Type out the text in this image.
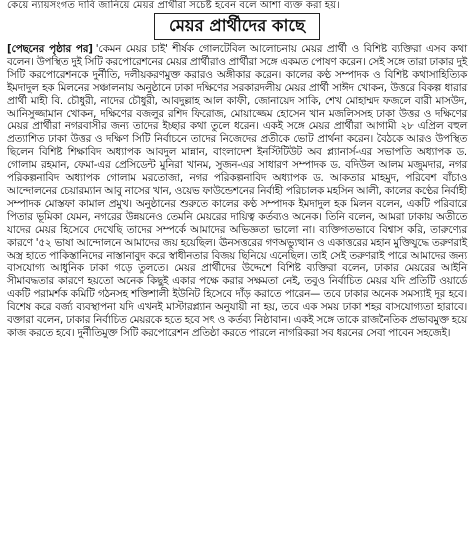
কেয়ে ন্যায়সংগত দাবি জানিয়ে মেয়র প্রার্থীরা সচেষ্ট হবেন বলে আশা ব্যক্ত করা হয়।
মেয়র প্রার্থীদের কাছে

[পেছনের পৃষ্ঠার পর] 'কেমন মেয়র চাই' শীর্ষক গোলটেবিল আলোচনায় মেয়র প্রার্থী ও বিশিষ্ট ব্যক্তিরা এসব কথা বলেন। উপস্থিত দুই সিটি করপোরেশনের মেয়র প্রার্থীরাও প্রার্থীরা সঙ্গে একমত পোষণ করেন। সেই সঙ্গে তারা ঢাকার দুই সিটি করপোরেশনকে দুর্নীতি, দলীয়করণমুক্ত করারও অঙ্গীকার করেন। কালের কণ্ঠ সম্পাদক ও বিশিষ্ট কথাসাহিত্যিক ইমদাদুল হক মিলনের সঞ্চালনায় অনুষ্ঠানে ঢাকা দক্ষিণের সরকারদলীয় মেয়র প্রার্থী সাঈদ খোকন, উত্তরে বিকল্প ধারার প্রার্থী মাহী বি. চৌধুরী, নাদের চৌধুরী, আবদুল্লাহ আল কাফী, জোনায়েদ সাকি, শেখ মোহাম্মদ ফজলে বারী মাসউদ, আনিসুজ্জামান খোকন, দক্ষিণের বজলুর রশিদ ফিরোজ, মোয়াজ্জেম হোসেন খান মজলিসসহ ঢাকা উত্তর ও দক্ষিণের মেয়র প্রার্থীরা নগরবাসীর জন্য তাদের ইচ্ছার কথা তুলে ধরেন। একই সঙ্গে মেয়র প্রার্থীরা আগামী ২৮ এপ্রিল বহুল প্রত্যাশিত ঢাকা উত্তর ও দক্ষিণ সিটি নির্বাচনে তাদের নিজেদের প্রতীকে ভোট প্রার্থনা করেন। বৈঠকে আরও উপস্থিত ছিলেন বিশিষ্ট শিক্ষাবিদ অধ্যাপক আবদুল মান্নান, বাংলাদেশ ইনস্টিটিউট অব প্ল্যানার্স-এর সভাপতি অধ্যাপক ড. গোলাম রহমান, ফেমা-এর প্রেসিডেন্ট মুনিরা খানম, সুজন-এর সাধারণ সম্পাদক ড. বদিউল আলম মজুমদার, নগর পরিকল্পনাবিদ অধ্যাপক গোলাম মরতোজা, নগর পরিকল্পনাবিদ অধ্যাপক ড. আকতার মাহমুদ, পরিবেশ বাঁচাও আন্দোলনের চেয়ারম্যান আবু নাসের খান, ওয়েভ ফাউন্ডেশনের নির্বাহী পরিচালক মহসিন আলী, কালের কণ্ঠের নির্বাহী সম্পাদক মোস্তফা কামাল প্রমুখ। অনুষ্ঠানের শুরুতে কালের কণ্ঠ সম্পাদক ইমদাদুল হক মিলন বলেন, একটি পরিবারে পিতার ভূমিকা যেমন, নগরের উন্নয়নেও তেমনি মেয়রের দায়িত্ব কর্তব্যও অনেক। তিনি বলেন, আমরা ঢাকায় অতীতে যাদের মেয়র হিসেবে দেখেছি তাদের সম্পর্কে আমাদের অভিজ্ঞতা ভালো না। ব্যক্তিগতভাবে বিশ্বাস করি, তারুণ্যের কারণে '৫২ ভাষা আন্দোলনে আমাদের জয় হয়েছিল। ঊনসত্তরের গণঅভ্যুত্থান ও একাত্তরের মহান মুক্তিযুদ্ধে তরুণরাই অস্ত্র হাতে পাকিস্তানিদের নাস্তানাবুদ করে স্বাধীনতার বিজয় ছিনিয়ে এনেছিল। তাই সেই তরুণরাই পারে আমাদের জন্য বাসযোগ্য আধুনিক ঢাকা গড়ে তুলতে। মেয়র প্রার্থীদের উদ্দেশে বিশিষ্ট ব্যক্তিরা বলেন, ঢাকার মেয়রের আইনি সীমাবদ্ধতার কারণে হয়তো অনেক কিছুই একার পক্ষে করার সক্ষমতা নেই, তবুও নির্বাচিত মেয়র যদি প্রতিটি ওয়ার্ডে একটি পরামর্শক কমিটি গঠনসহ শক্তিশালী ইউনিট হিসেবে দাঁড় করাতে পারেন— তবে ঢাকার অনেক সমস্যাই দূর হবে। বিশেষ করে বর্জ্য ব্যবস্থাপনা যদি এখনই মাস্টারপ্ল্যান অনুযায়ী না হয়, তবে এক সময় ঢাকা শহর বাসযোগ্যতা হারাবে। বক্তারা বলেন, ঢাকার নির্বাচিত মেয়রকে হতে হবে সৎ ও কর্তব্য নিষ্ঠাবান। একই সঙ্গে তাকে রাজনৈতিক প্রভাবমুক্ত হয়ে কাজ করতে হবে। দুর্নীতিমুক্ত সিটি করপোরেশন প্রতিষ্ঠা করতে পারলে নাগরিকরা সব ধরনের সেবা পাবেন সহজেই।
